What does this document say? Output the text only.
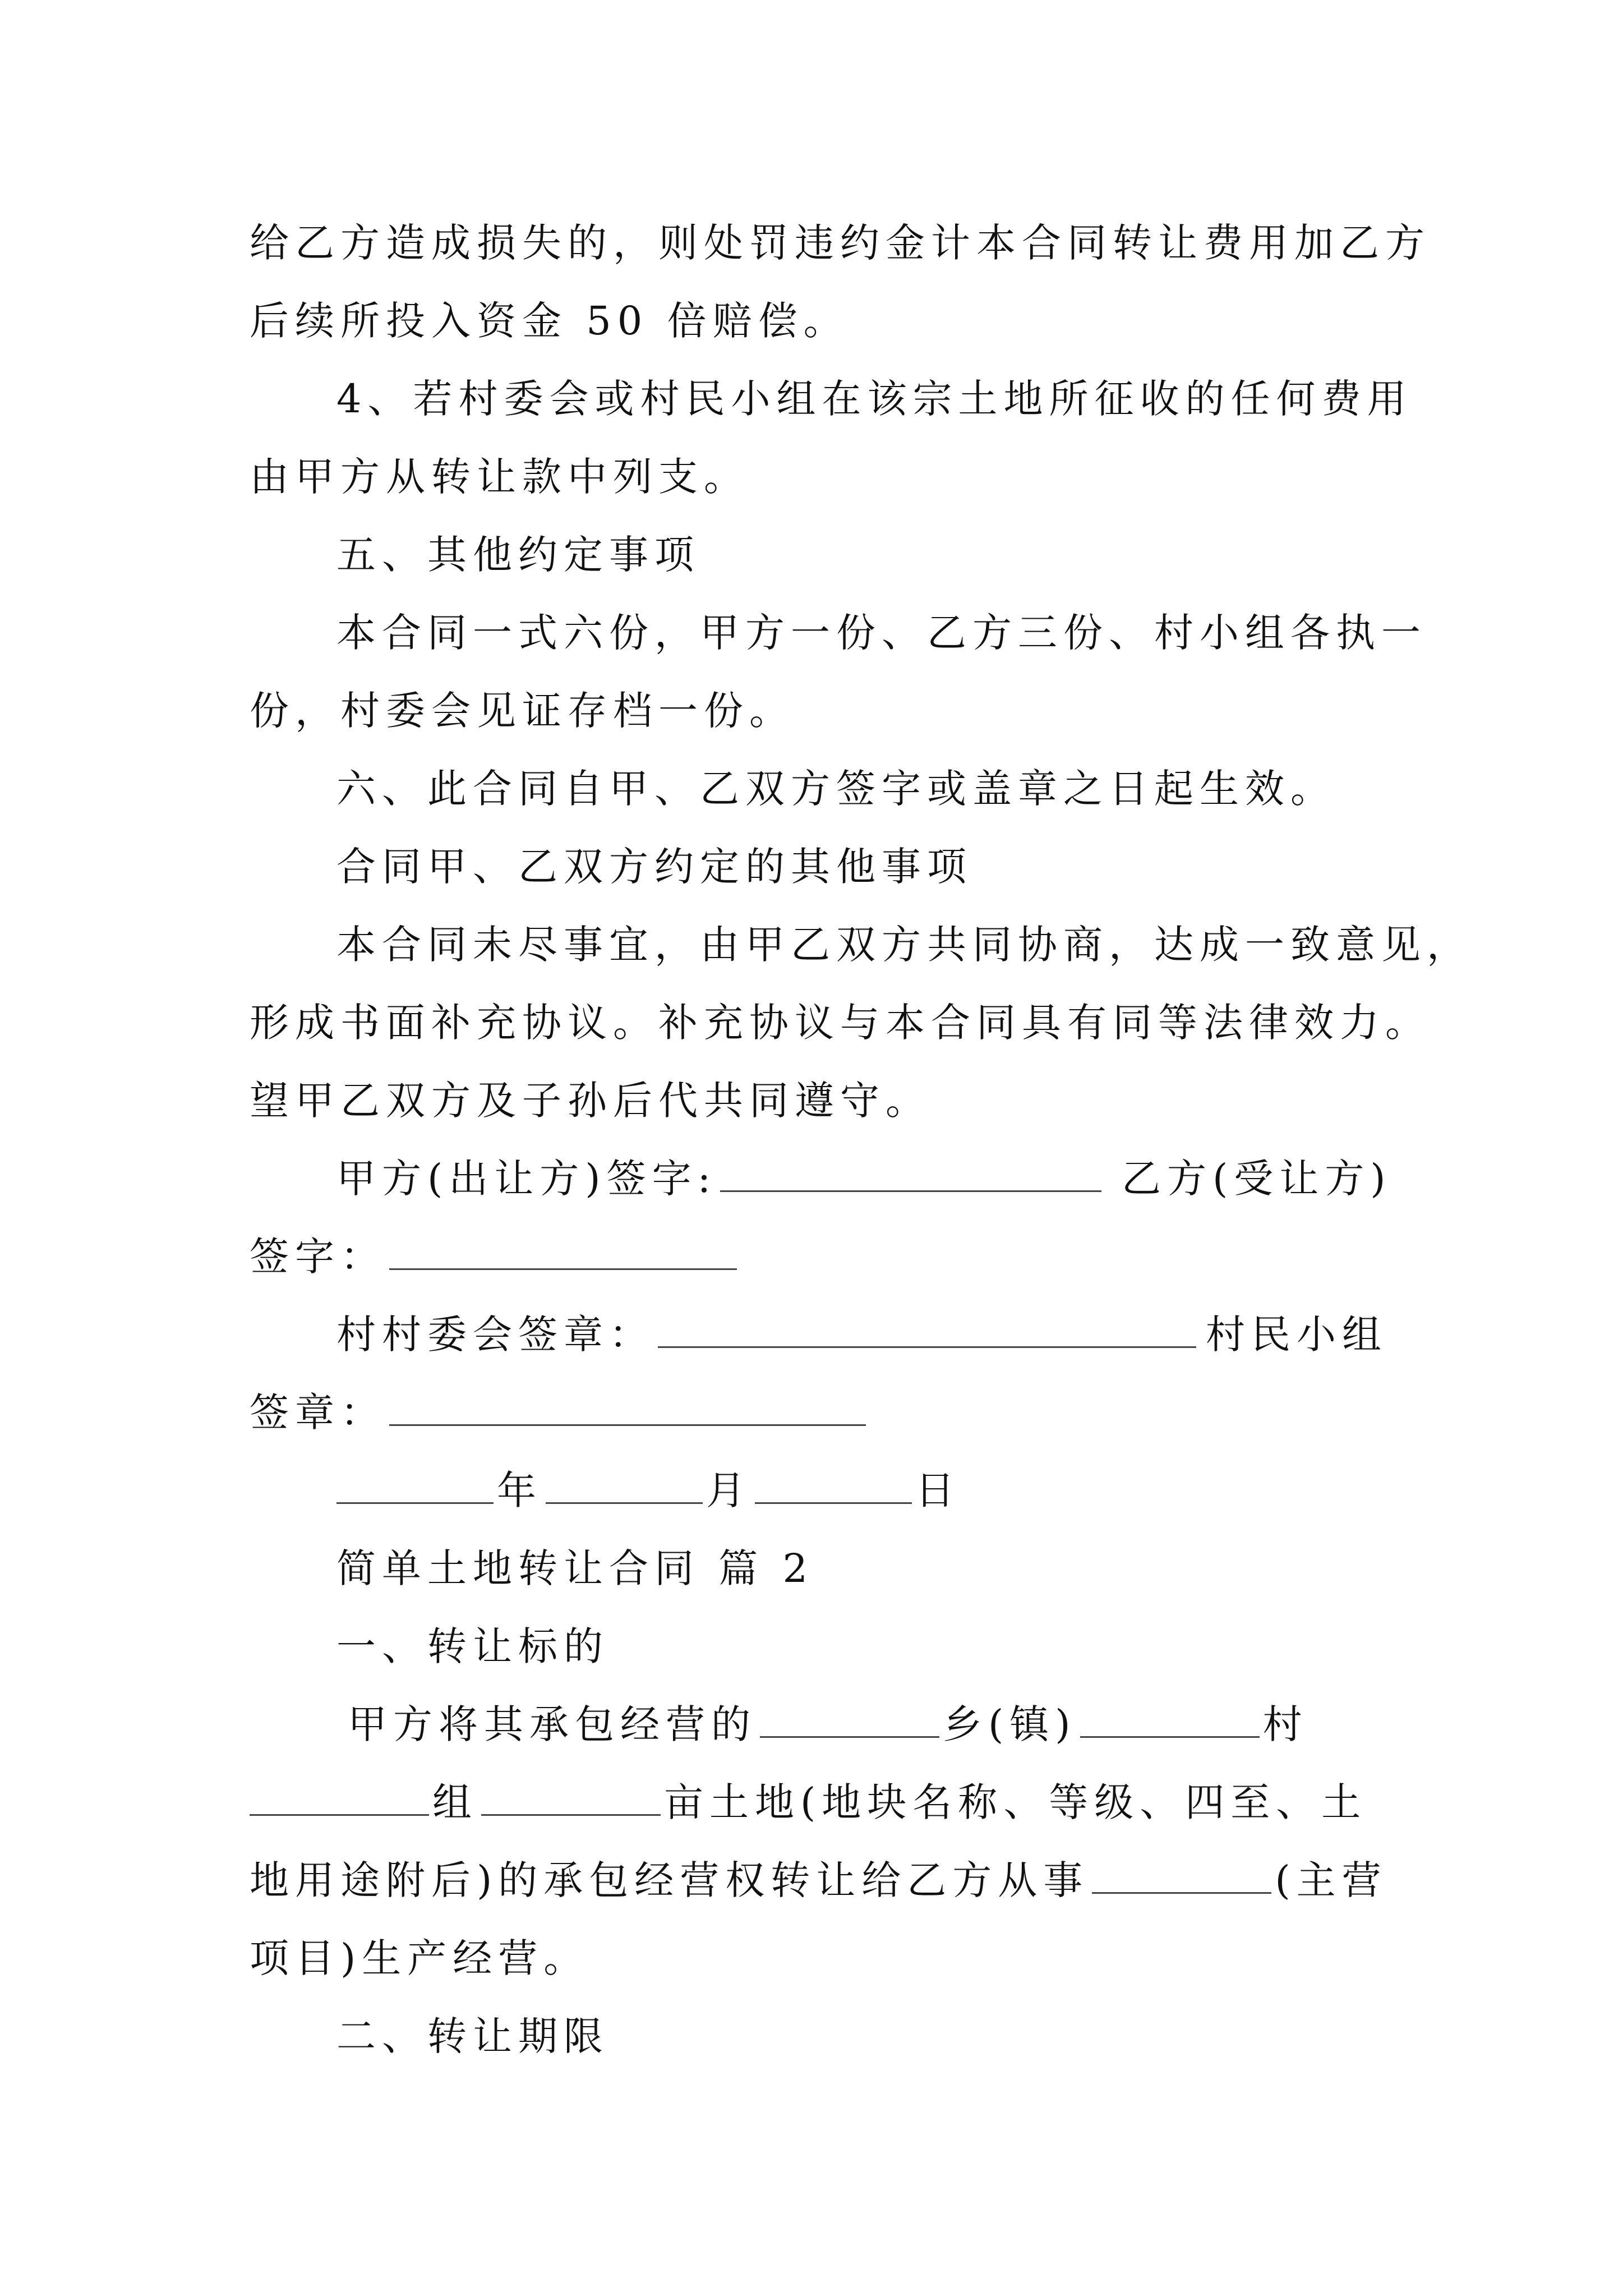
给乙方造成损失的，则处罚违约金计本合同转让费用加乙方
后续所投入资金 50 倍赔偿。
4、若村委会或村民小组在该宗土地所征收的任何费用
由甲方从转让款中列支。
五、其他约定事项
本合同一式六份，甲方一份、乙方三份、村小组各执一
份，村委会见证存档一份。
六、此合同自甲、乙双方签字或盖章之日起生效。
合同甲、乙双方约定的其他事项
本合同未尽事宜，由甲乙双方共同协商，达成一致意见，
形成书面补充协议。补充协议与本合同具有同等法律效力。
望甲乙双方及子孙后代共同遵守。
甲方(出让方)签字:	乙方(受让方)
签字：
村村委会签章：	村民小组
签章：
年	月	日
简单土地转让合同 篇 2
一、转让标的
甲方将其承包经营的	乡(镇)	村
组	亩土地(地块名称、等级、四至、土
地用途附后)的承包经营权转让给乙方从事	(主营
项目)生产经营。
二、转让期限
